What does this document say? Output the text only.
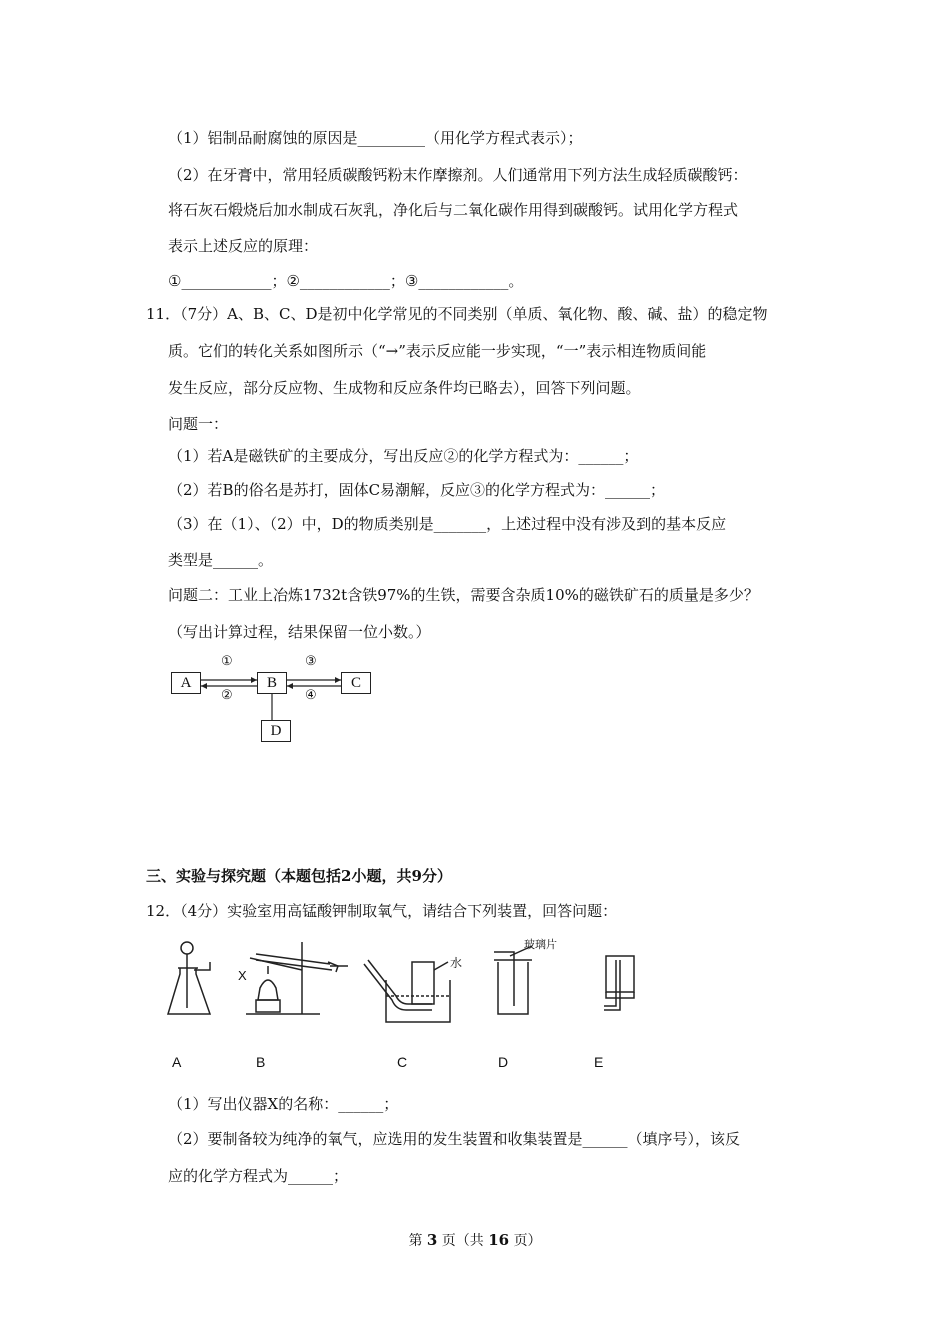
（1）铝制品耐腐蚀的原因是_________（用化学方程式表示）；
（2）在牙膏中，常用轻质碳酸钙粉末作摩擦剂。人们通常用下列方法生成轻质碳酸钙：
将石灰石煅烧后加水制成石灰乳，净化后与二氧化碳作用得到碳酸钙。试用化学方程式
表示上述反应的原理：
①____________；②____________；③____________。
11．（7分）A、B、C、D是初中化学常见的不同类别（单质、氧化物、酸、碱、盐）的稳定物
质。它们的转化关系如图所示（“→”表示反应能一步实现，“一”表示相连物质间能
发生反应，部分反应物、生成物和反应条件均已略去），回答下列问题。
问题一：
（1）若A是磁铁矿的主要成分，写出反应②的化学方程式为：______；
（2）若B的俗名是苏打，固体C易潮解，反应③的化学方程式为：______；
（3）在（1）、（2）中，D的物质类别是_______，上述过程中没有涉及到的基本反应
类型是______。
问题二：工业上冶炼1732t含铁97%的生铁，需要含杂质10%的磁铁矿石的质量是多少？
（写出计算过程，结果保留一位小数。）
三、实验与探究题（本题包括2小题，共9分）
12．（4分）实验室用高锰酸钾制取氧气，请结合下列装置，回答问题：
（1）写出仪器X的名称：______；
（2）要制备较为纯净的氧气，应选用的发生装置和收集装置是______（填序号），该反
应的化学方程式为______；
A	B	C
D
①
②
③
④
X
水
玻璃片
A	B	C	D	E
第 3 页（共 16 页）
